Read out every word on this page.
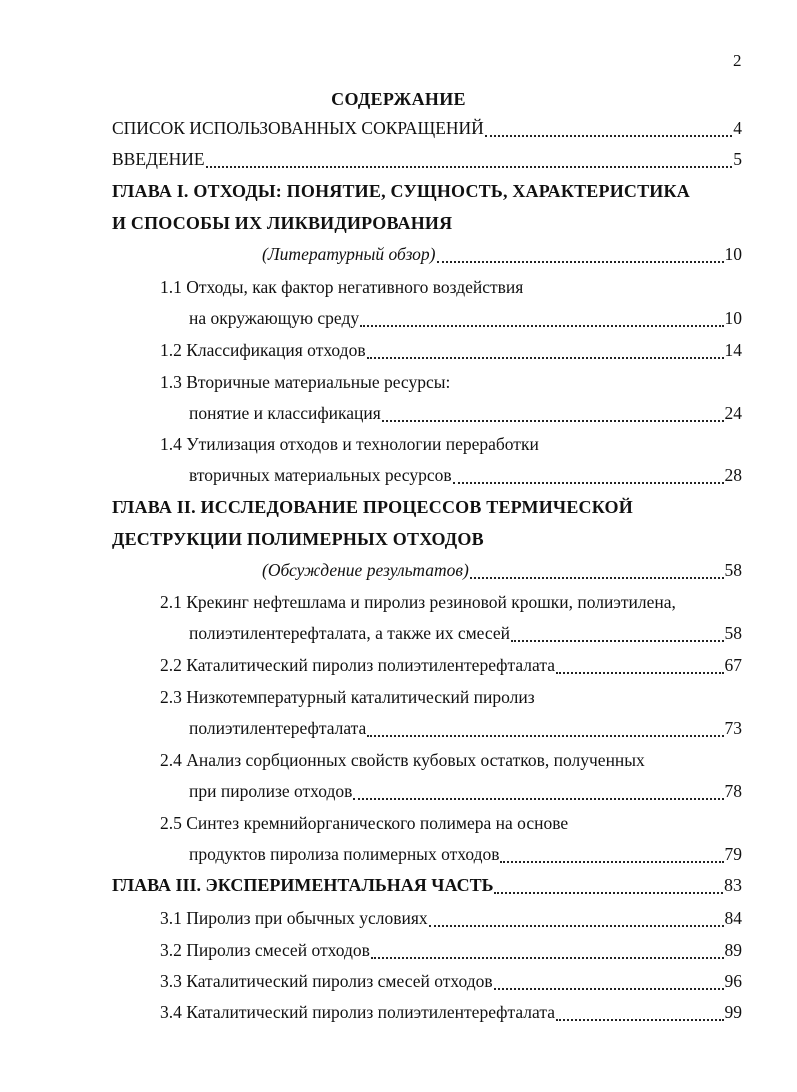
2
СОДЕРЖАНИЕ
СПИСОК ИСПОЛЬЗОВАННЫХ СОКРАЩЕНИЙ	4
ВВЕДЕНИЕ	5
ГЛАВА I. ОТХОДЫ: ПОНЯТИЕ, СУЩНОСТЬ, ХАРАКТЕРИСТИКА
И СПОСОБЫ ИХ ЛИКВИДИРОВАНИЯ
(Литературный обзор)	10
1.1 Отходы, как фактор негативного воздействия
на окружающую среду	10
1.2 Классификация отходов	14
1.3 Вторичные материальные ресурсы:
понятие и классификация	24
1.4 Утилизация отходов и технологии переработки
вторичных материальных ресурсов	28
ГЛАВА II. ИССЛЕДОВАНИЕ ПРОЦЕССОВ ТЕРМИЧЕСКОЙ
ДЕСТРУКЦИИ ПОЛИМЕРНЫХ ОТХОДОВ
(Обсуждение результатов)	58
2.1 Крекинг нефтешлама и пиролиз резиновой крошки, полиэтилена,
полиэтилентерефталата, а также их смесей	58
2.2 Каталитический пиролиз полиэтилентерефталата	67
2.3 Низкотемпературный каталитический пиролиз
полиэтилентерефталата	73
2.4 Анализ сорбционных свойств кубовых остатков, полученных
при пиролизе отходов	78
2.5 Синтез кремнийорганического полимера на основе
продуктов пиролиза полимерных отходов	79
ГЛАВА III. ЭКСПЕРИМЕНТАЛЬНАЯ ЧАСТЬ	83
3.1 Пиролиз при обычных условиях	84
3.2 Пиролиз смесей отходов	89
3.3 Каталитический пиролиз смесей отходов	96
3.4 Каталитический пиролиз полиэтилентерефталата	99
